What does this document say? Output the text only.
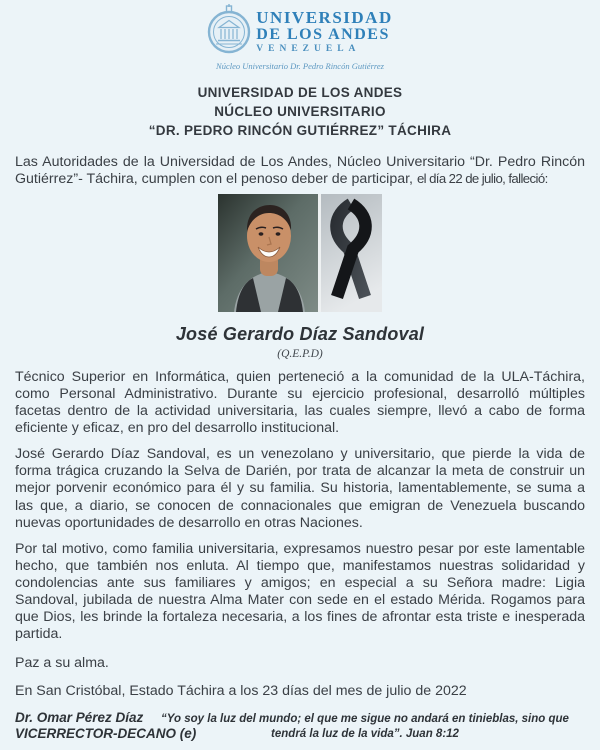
UNIVERSIDAD
DE LOS ANDES
VENEZUELA
Núcleo Universitario Dr. Pedro Rincón Gutiérrez
UNIVERSIDAD DE LOS ANDES
NÚCLEO UNIVERSITARIO
“DR. PEDRO RINCÓN GUTIÉRREZ” TÁCHIRA
Las Autoridades de la Universidad de Los Andes, Núcleo Universitario “Dr. Pedro Rincón Gutiérrez”- Táchira, cumplen con el penoso deber de participar, el día 22 de julio, falleció:
José Gerardo Díaz Sandoval
(Q.E.P.D)

Técnico Superior en Informática, quien perteneció a la comunidad de la ULA-Táchira, como Personal Administrativo. Durante su ejercicio profesional, desarrolló múltiples facetas dentro de la actividad universitaria, las cuales siempre, llevó a cabo de forma eficiente y eficaz, en pro del desarrollo institucional.

José Gerardo Díaz Sandoval, es un venezolano y universitario, que pierde la vida de forma trágica cruzando la Selva de Darién, por trata de alcanzar la meta de construir un mejor porvenir económico para él y su familia. Su historia, lamentablemente, se suma a las que, a diario, se conocen de connacionales que emigran de Venezuela buscando nuevas oportunidades de desarrollo en otras Naciones.

Por tal motivo, como familia universitaria, expresamos nuestro pesar por este lamentable hecho, que también nos enluta. Al tiempo que, manifestamos nuestras solidaridad y condolencias ante sus familiares y amigos; en especial a su Señora madre: Ligia Sandoval, jubilada de nuestra Alma Mater con sede en el estado Mérida. Rogamos para que Dios, les brinde la fortaleza necesaria, a los fines de afrontar esta triste e inesperada partida.

Paz a su alma.
En San Cristóbal, Estado Táchira a los 23 días del mes de julio de 2022
Dr. Omar Pérez Díaz
VICERRECTOR-DECANO (e)
“Yo soy la luz del mundo; el que me sigue no andará en tinieblas, sino que tendrá la luz de la vida”. Juan 8:12
